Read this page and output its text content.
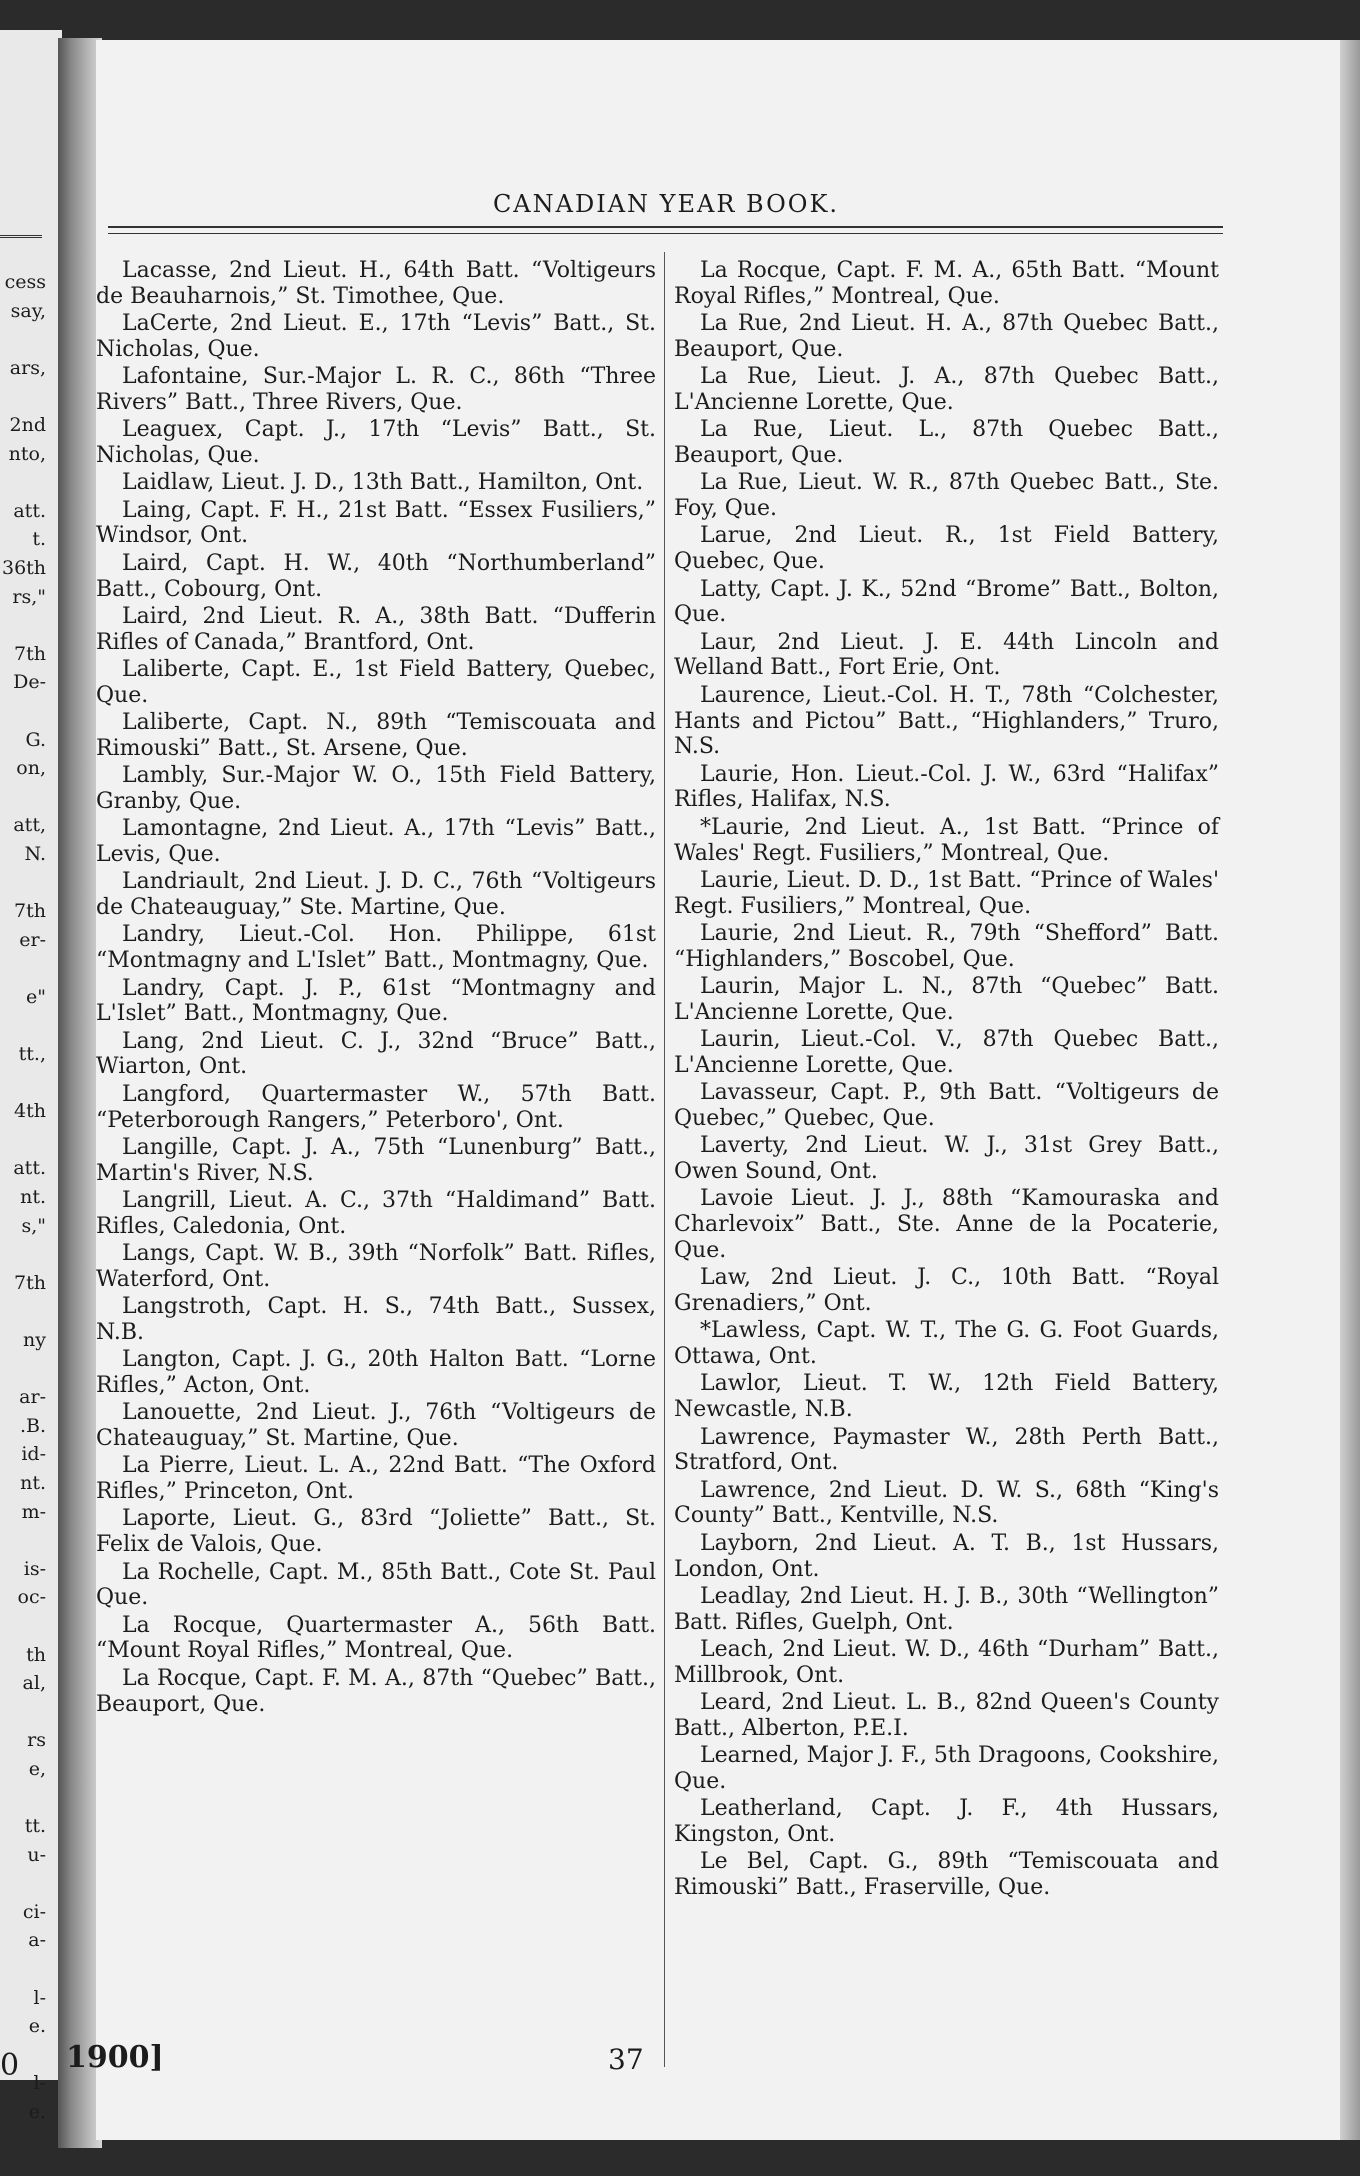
cess
say,
ars,
2nd
nto,
att.
t.
36th
rs,"
7th
De-
G.
on,
att,
N.
7th
er-
e"
tt.,
4th
att.
nt.
s,"
7th
ny
ar-
.B.
id-
nt.
m-
is-
oc-
th
al,
rs
e,
tt.
u-
ci-
a-
l-
e.
l-
e.
0
CANADIAN YEAR BOOK.
Lacasse, 2nd Lieut. H., 64th Batt. “Voltigeurs de Beauharnois,” St. Timothee, Que.
LaCerte, 2nd Lieut. E., 17th “Levis” Batt., St. Nicholas, Que.
Lafontaine, Sur.-Major L. R. C., 86th “Three Rivers” Batt., Three Rivers, Que.
Leaguex, Capt. J., 17th “Levis” Batt., St. Nicholas, Que.
Laidlaw, Lieut. J. D., 13th Batt., Hamilton, Ont.
Laing, Capt. F. H., 21st Batt. “Essex Fusiliers,” Windsor, Ont.
Laird, Capt. H. W., 40th “Northumberland” Batt., Cobourg, Ont.
Laird, 2nd Lieut. R. A., 38th Batt. “Dufferin Rifles of Canada,” Brantford, Ont.
Laliberte, Capt. E., 1st Field Battery, Quebec, Que.
Laliberte, Capt. N., 89th “Temiscouata and Rimouski” Batt., St. Arsene, Que.
Lambly, Sur.-Major W. O., 15th Field Battery, Granby, Que.
Lamontagne, 2nd Lieut. A., 17th “Levis” Batt., Levis, Que.
Landriault, 2nd Lieut. J. D. C., 76th “Voltigeurs de Chateauguay,” Ste. Martine, Que.
Landry, Lieut.-Col. Hon. Philippe, 61st “Montmagny and L'Islet” Batt., Montmagny, Que.
Landry, Capt. J. P., 61st “Montmagny and L'Islet” Batt., Montmagny, Que.
Lang, 2nd Lieut. C. J., 32nd “Bruce” Batt., Wiarton, Ont.
Langford, Quartermaster W., 57th Batt. “Peterborough Rangers,” Peterboro', Ont.
Langille, Capt. J. A., 75th “Lunenburg” Batt., Martin's River, N.S.
Langrill, Lieut. A. C., 37th “Haldimand” Batt. Rifles, Caledonia, Ont.
Langs, Capt. W. B., 39th “Norfolk” Batt. Rifles, Waterford, Ont.
Langstroth, Capt. H. S., 74th Batt., Sussex, N.B.
Langton, Capt. J. G., 20th Halton Batt. “Lorne Rifles,” Acton, Ont.
Lanouette, 2nd Lieut. J., 76th “Voltigeurs de Chateauguay,” St. Martine, Que.
La Pierre, Lieut. L. A., 22nd Batt. “The Oxford Rifles,” Princeton, Ont.
Laporte, Lieut. G., 83rd “Joliette” Batt., St. Felix de Valois, Que.
La Rochelle, Capt. M., 85th Batt., Cote St. Paul Que.
La Rocque, Quartermaster A., 56th Batt. “Mount Royal Rifles,” Montreal, Que.
La Rocque, Capt. F. M. A., 87th “Quebec” Batt., Beauport, Que.
La Rocque, Capt. F. M. A., 65th Batt. “Mount Royal Rifles,” Montreal, Que.
La Rue, 2nd Lieut. H. A., 87th Quebec Batt., Beauport, Que.
La Rue, Lieut. J. A., 87th Quebec Batt., L'Ancienne Lorette, Que.
La Rue, Lieut. L., 87th Quebec Batt., Beauport, Que.
La Rue, Lieut. W. R., 87th Quebec Batt., Ste. Foy, Que.
Larue, 2nd Lieut. R., 1st Field Battery, Quebec, Que.
Latty, Capt. J. K., 52nd “Brome” Batt., Bolton, Que.
Laur, 2nd Lieut. J. E. 44th Lincoln and Welland Batt., Fort Erie, Ont.
Laurence, Lieut.-Col. H. T., 78th “Colchester, Hants and Pictou” Batt., “Highlanders,” Truro, N.S.
Laurie, Hon. Lieut.-Col. J. W., 63rd “Halifax” Rifles, Halifax, N.S.
*Laurie, 2nd Lieut. A., 1st Batt. “Prince of Wales' Regt. Fusiliers,” Montreal, Que.
Laurie, Lieut. D. D., 1st Batt. “Prince of Wales' Regt. Fusiliers,” Montreal, Que.
Laurie, 2nd Lieut. R., 79th “Shefford” Batt. “Highlanders,” Boscobel, Que.
Laurin, Major L. N., 87th “Quebec” Batt. L'Ancienne Lorette, Que.
Laurin, Lieut.-Col. V., 87th Quebec Batt., L'Ancienne Lorette, Que.
Lavasseur, Capt. P., 9th Batt. “Voltigeurs de Quebec,” Quebec, Que.
Laverty, 2nd Lieut. W. J., 31st Grey Batt., Owen Sound, Ont.
Lavoie Lieut. J. J., 88th “Kamouraska and Charlevoix” Batt., Ste. Anne de la Pocaterie, Que.
Law, 2nd Lieut. J. C., 10th Batt. “Royal Grenadiers,” Ont.
*Lawless, Capt. W. T., The G. G. Foot Guards, Ottawa, Ont.
Lawlor, Lieut. T. W., 12th Field Battery, Newcastle, N.B.
Lawrence, Paymaster W., 28th Perth Batt., Stratford, Ont.
Lawrence, 2nd Lieut. D. W. S., 68th “King's County” Batt., Kentville, N.S.
Layborn, 2nd Lieut. A. T. B., 1st Hussars, London, Ont.
Leadlay, 2nd Lieut. H. J. B., 30th “Wellington” Batt. Rifles, Guelph, Ont.
Leach, 2nd Lieut. W. D., 46th “Durham” Batt., Millbrook, Ont.
Leard, 2nd Lieut. L. B., 82nd Queen's County Batt., Alberton, P.E.I.
Learned, Major J. F., 5th Dragoons, Cookshire, Que.
Leatherland, Capt. J. F., 4th Hussars, Kingston, Ont.
Le Bel, Capt. G., 89th “Temiscouata and Rimouski” Batt., Fraserville, Que.
1900]	37
